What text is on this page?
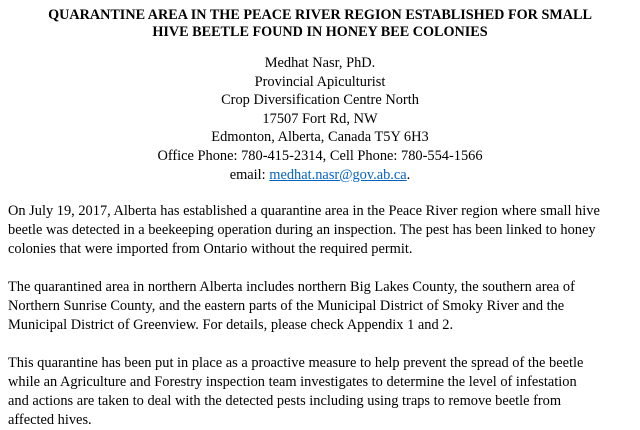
QUARANTINE AREA IN THE PEACE RIVER REGION ESTABLISHED FOR SMALL
HIVE BEETLE FOUND IN HONEY BEE COLONIES
Medhat Nasr, PhD.
Provincial Apiculturist
Crop Diversification Centre North
17507 Fort Rd, NW
Edmonton, Alberta, Canada T5Y 6H3
Office Phone: 780-415-2314, Cell Phone: 780-554-1566
email: medhat.nasr@gov.ab.ca.

On July 19, 2017, Alberta has established a quarantine area in the Peace River region where small hive
beetle was detected in a beekeeping operation during an inspection. The pest has been linked to honey
colonies that were imported from Ontario without the required permit.

The quarantined area in northern Alberta includes northern Big Lakes County, the southern area of
Northern Sunrise County, and the eastern parts of the Municipal District of Smoky River and the
Municipal District of Greenview. For details, please check Appendix 1 and 2.

This quarantine has been put in place as a proactive measure to help prevent the spread of the beetle
while an Agriculture and Forestry inspection team investigates to determine the level of infestation
and actions are taken to deal with the detected pests including using traps to remove beetle from
affected hives.
